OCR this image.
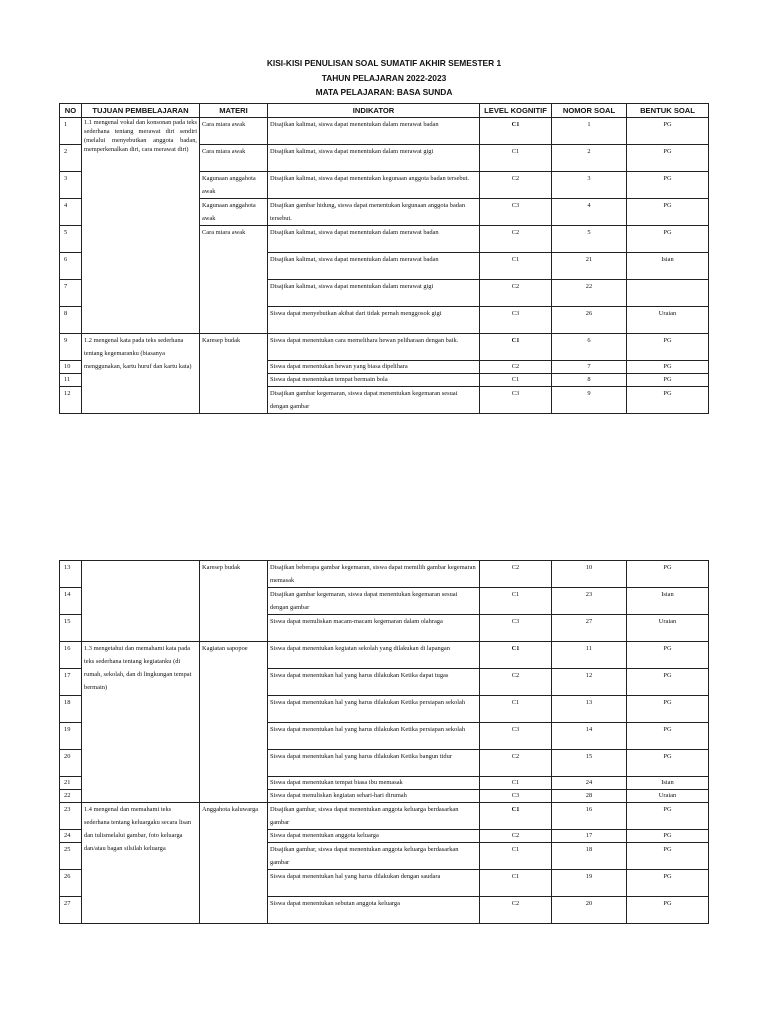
KISI-KISI PENULISAN SOAL SUMATIF AKHIR SEMESTER 1
TAHUN PELAJARAN 2022-2023
MATA PELAJARAN: BASA SUNDA
NO	TUJUAN PEMBELAJARAN	MATERI	INDIKATOR	LEVEL KOGNITIF	NOMOR SOAL	BENTUK SOAL
1	1.1 mengenal vokal dan konsonan pada teks sederhana tentang merawat diri sendiri (melalui menyebutkan anggota badan, memperkenalkan diri, cara merawat diri)	Cara miara awak	Disajikan kalimat, siswa dapat menentukan dalam merawat badan	C1	1	PG
2		Cara miara awak	Disajikan kalimat, siswa dapat menentukan dalam merawat gigi	C1	2	PG
3		Kagunaan anggahota awak	Disajikan kalimat, siswa dapat menentukan kegunaan anggota badan tersebut.	C2	3	PG
4		Kagunaan anggahota awak	Disajikan gambar hidung, siswa dapat menentukan kegunaan anggota badan tersebut.	C3	4	PG
5		Cara miara awak	Disajikan kalimat, siswa dapat menentukan dalam merawat badan	C2	5	PG
6			Disajikan kalimat, siswa dapat menentukan dalam merawat badan	C1	21	Isian
7			Disajikan kalimat, siswa dapat menentukan dalam merawat gigi	C2	22	
8			Siswa dapat menyebutkan akibat dari tidak pernah menggosok gigi	C3	26	Uraian
9	1.2 mengenal kata pada teks sederhana tentang kegemaranku (biasanya menggunakan, kartu huruf dan kartu kata)	Karesep budak	Siswa dapat menentukan cara memelihara hewan peliharaan dengan baik.	C1	6	PG
10			Siswa dapat menentukan hewan yang biasa dipelihara	C2	7	PG
11			Siswa dapat menentukan tempat bermain bola	C1	8	PG
12			Disajikan gambar kegemaran, siswa dapat menentukan kegemaran sesuai dengan gambar	C3	9	PG
13		Karesep budak	Disajikan beberapa gambar kegemaran, siswa dapat memilih gambar kegemaran memasak	C2	10	PG
14			Disajikan gambar kegemaran, siswa dapat menentukan kegemaran sesuai dengan gambar	C1	23	Isian
15			Siswa dapat menuliskan macam-macam kegemaran dalam olahraga	C3	27	Uraian
16	1.3 mengetahui dan memahami kata pada teks sederhana tentang kegiatanku (di rumah, sekolah, dan di lingkungan tempat bermain)	Kagiatan sapopoe	Siswa dapat menentukan kegiatan sekolah yang dilakukan di lapangan	C1	11	PG
17			Siswa dapat menentukan hal yang harus dilakukan Ketika dapat tugas	C2	12	PG
18			Siswa dapat menentukan hal yang harus dilakukan Ketika persiapan sekolah	C1	13	PG
19			Siswa dapat menentukan hal yang harus dilakukan Ketika persiapan sekolah	C3	14	PG
20			Siswa dapat menentukan hal yang harus dilakukan Ketika bangun tidur	C2	15	PG
21			Siswa dapat menentukan tempat biasa ibu memasak	C1	24	Isian
22			Siswa dapat menuliskan kegiatan sehari-hari dirumah	C3	28	Uraian
23	1.4 mengenal dan memahami teks sederhana tentang keluargaku secara lisan dan tulismelalui gambar, foto keluarga dan/atau bagan silsilah keluarga	Anggahota kaluwarga	Disajikan gambar, siswa dapat menentukan anggota keluarga berdasarkan gambar	C1	16	PG
24			Siswa dapat menentukan anggota keluarga	C2	17	PG
25			Disajikan gambar, siswa dapat menentukan anggota keluarga berdasarkan gambar	C1	18	PG
26			Siswa dapat menentukan hal yang harus dilakukan dengan saudara	C1	19	PG
27			Siswa dapat menentukan sebutan anggota keluarga	C2	20	PG
